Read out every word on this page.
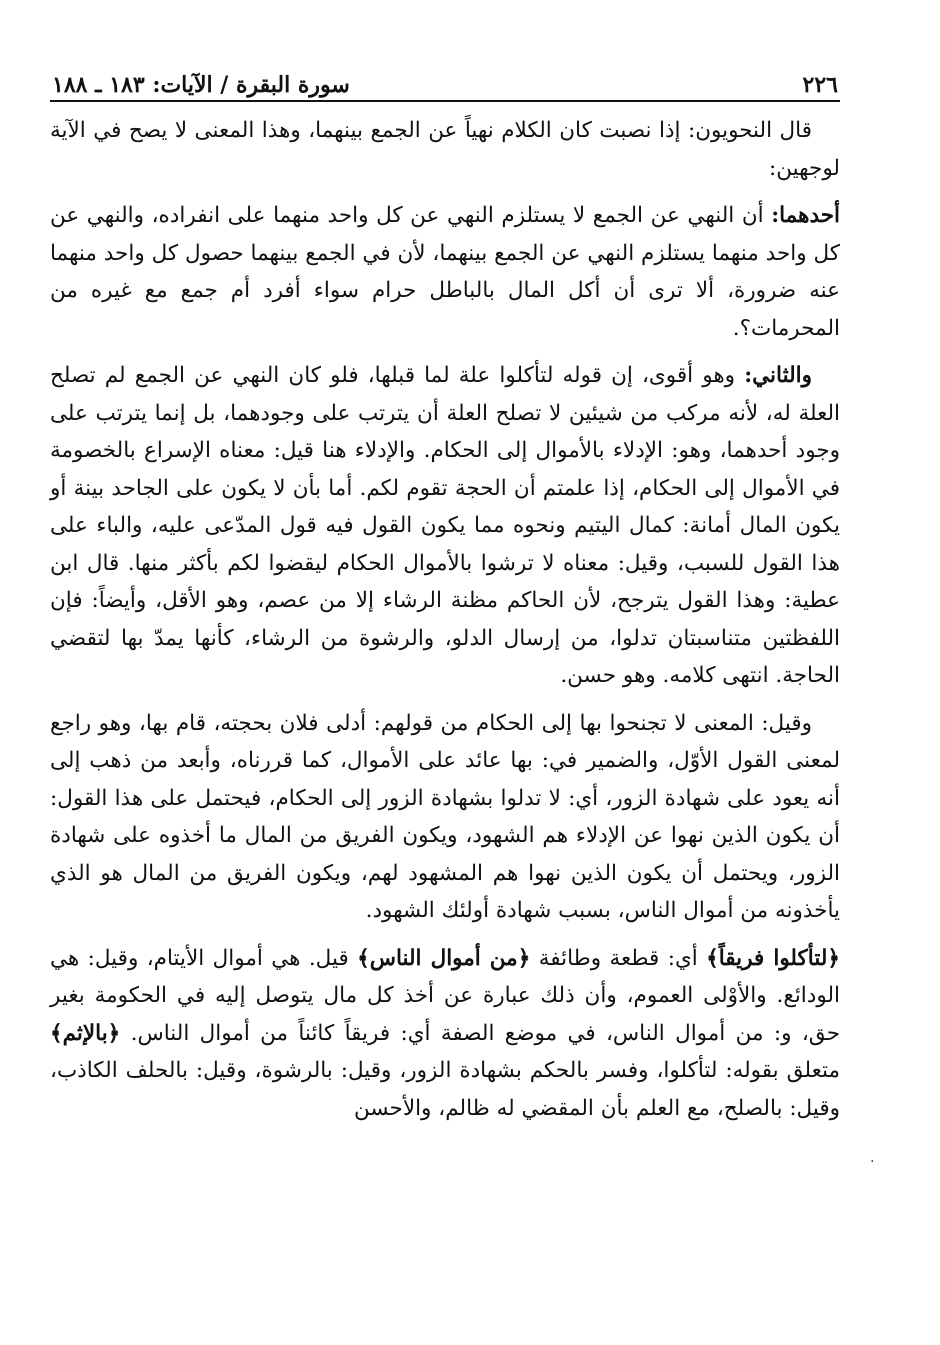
٢٢٦
سورة البقرة / الآيات: ١٨٣ ـ ١٨٨

قال النحويون: إذا نصبت كان الكلام نهياً عن الجمع بينهما، وهذا المعنى لا يصح في الآية لوجهين:

أحدهما: أن النهي عن الجمع لا يستلزم النهي عن كل واحد منهما على انفراده، والنهي عن كل واحد منهما يستلزم النهي عن الجمع بينهما، لأن في الجمع بينهما حصول كل واحد منهما عنه ضرورة، ألا ترى أن أكل المال بالباطل حرام سواء أفرد أم جمع مع غيره من المحرمات؟.

والثاني: وهو أقوى، إن قوله لتأكلوا علة لما قبلها، فلو كان النهي عن الجمع لم تصلح العلة له، لأنه مركب من شيئين لا تصلح العلة أن يترتب على وجودهما، بل إنما يترتب على وجود أحدهما، وهو: الإدلاء بالأموال إلى الحكام. والإدلاء هنا قيل: معناه الإسراع بالخصومة في الأموال إلى الحكام، إذا علمتم أن الحجة تقوم لكم. أما بأن لا يكون على الجاحد بينة أو يكون المال أمانة: كمال اليتيم ونحوه مما يكون القول فيه قول المدّعى عليه، والباء على هذا القول للسبب، وقيل: معناه لا ترشوا بالأموال الحكام ليقضوا لكم بأكثر منها. قال ابن عطية: وهذا القول يترجح، لأن الحاكم مظنة الرشاء إلا من عصم، وهو الأقل، وأيضاً: فإن اللفظتين متناسبتان تدلوا، من إرسال الدلو، والرشوة من الرشاء، كأنها يمدّ بها لتقضي الحاجة. انتهى كلامه. وهو حسن.

وقيل: المعنى لا تجنحوا بها إلى الحكام من قولهم: أدلى فلان بحجته، قام بها، وهو راجع لمعنى القول الأوّل، والضمير في: بها عائد على الأموال، كما قررناه، وأبعد من ذهب إلى أنه يعود على شهادة الزور، أي: لا تدلوا بشهادة الزور إلى الحكام، فيحتمل على هذا القول: أن يكون الذين نهوا عن الإدلاء هم الشهود، ويكون الفريق من المال ما أخذوه على شهادة الزور، ويحتمل أن يكون الذين نهوا هم المشهود لهم، ويكون الفريق من المال هو الذي يأخذونه من أموال الناس، بسبب شهادة أولئك الشهود.

﴿لتأكلوا فريقاً﴾ أي: قطعة وطائفة ﴿من أموال الناس﴾ قيل. هي أموال الأيتام، وقيل: هي الودائع. والأوْلى العموم، وأن ذلك عبارة عن أخذ كل مال يتوصل إليه في الحكومة بغير حق، و: من أموال الناس، في موضع الصفة أي: فريقاً كائناً من أموال الناس. ﴿بالإثم﴾ متعلق بقوله: لتأكلوا، وفسر بالحكم بشهادة الزور، وقيل: بالرشوة، وقيل: بالحلف الكاذب، وقيل: بالصلح، مع العلم بأن المقضي له ظالم، والأحسن

.
